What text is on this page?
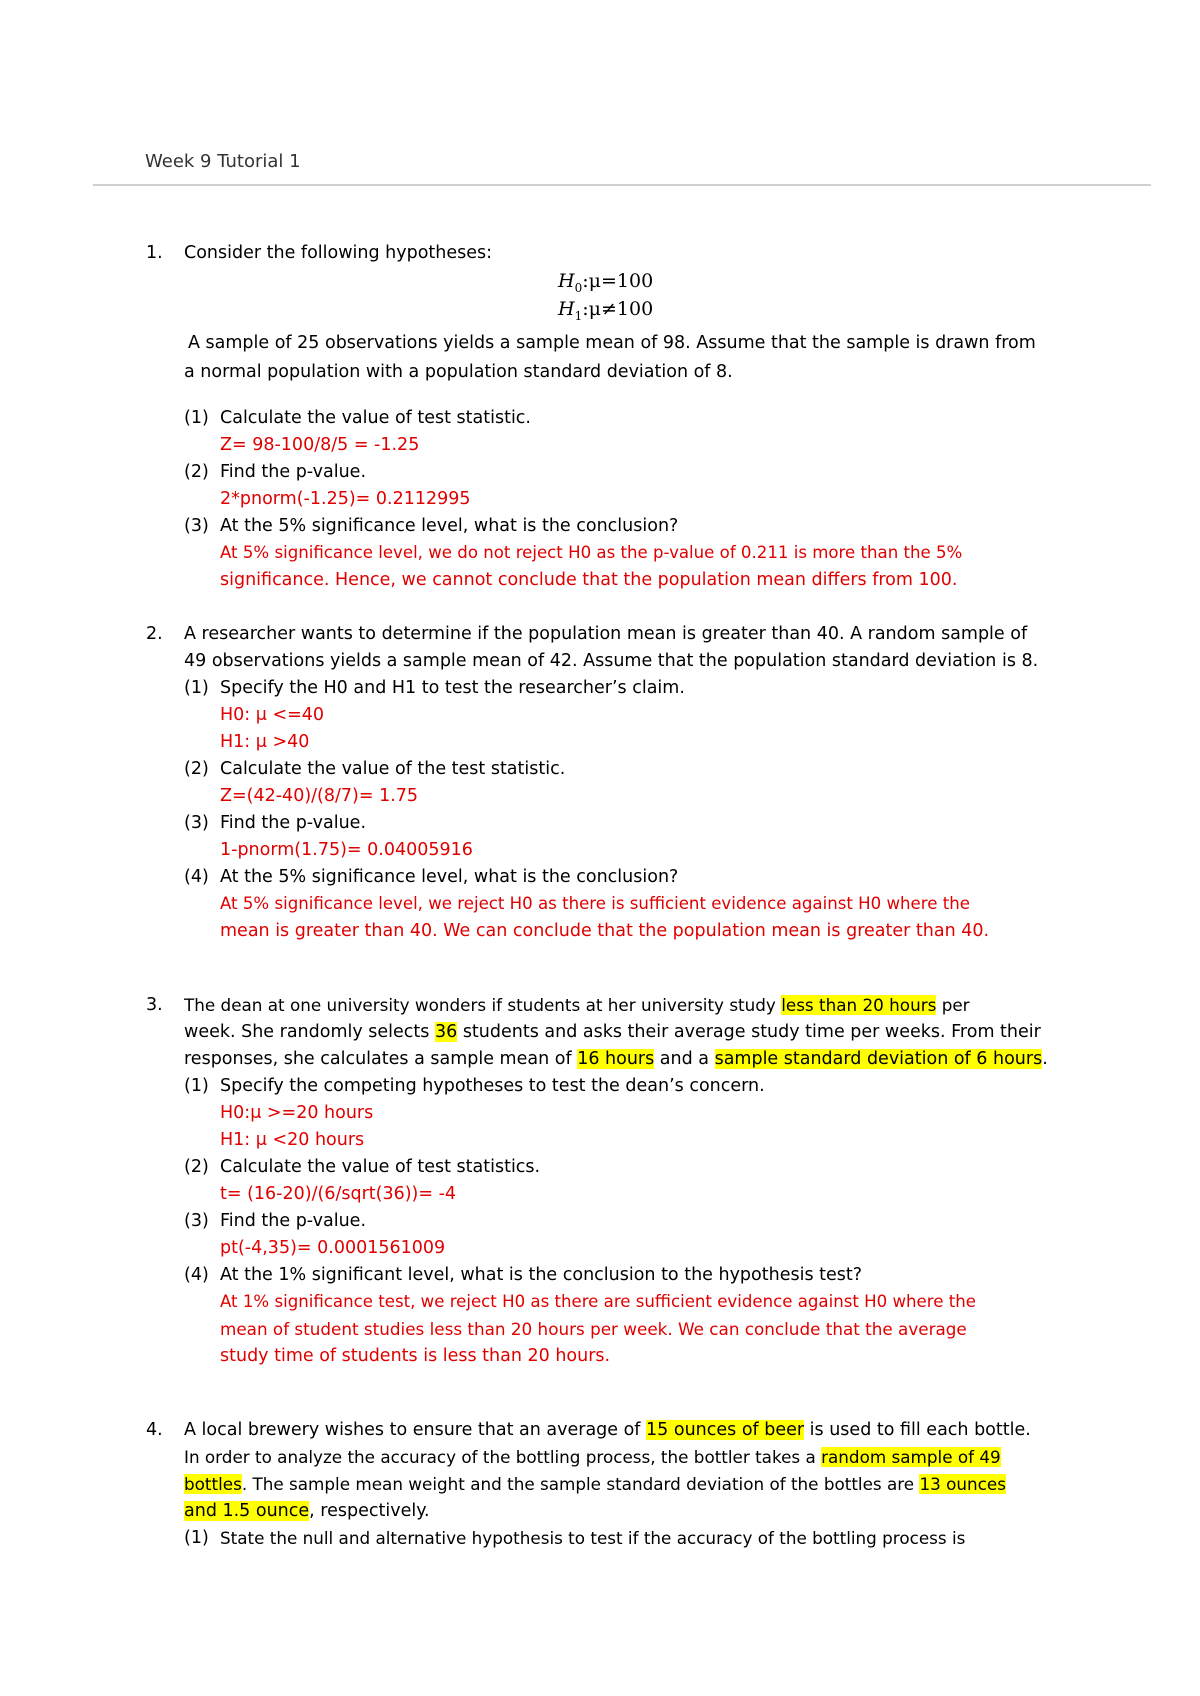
Week 9 Tutorial 1
1. Consider the following hypotheses:
$H_0:\mu=100$
$H_1:\mu\ne 100$
A sample of 25 observations yields a sample mean of 98. Assume that the sample is drawn from
a normal population with a population standard deviation of 8.
(1) Calculate the value of test statistic.
Z= 98-100/8/5 = -1.25
(2) Find the p-value.
2*pnorm(-1.25)= 0.2112995
(3) At the 5% significance level, what is the conclusion?
At 5% significance level, we do not reject H0 as the p-value of 0.211 is more than the 5%
significance. Hence, we cannot conclude that the population mean differs from 100.
2. A researcher wants to determine if the population mean is greater than 40. A random sample of
49 observations yields a sample mean of 42. Assume that the population standard deviation is 8.
(1) Specify the H0 and H1 to test the researcher’s claim.
H0: μ <=40
H1: μ >40
(2) Calculate the value of the test statistic.
Z=(42-40)/(8/7)= 1.75
(3) Find the p-value.
1-pnorm(1.75)= 0.04005916
(4) At the 5% significance level, what is the conclusion?
At 5% significance level, we reject H0 as there is sufficient evidence against H0 where the
mean is greater than 40. We can conclude that the population mean is greater than 40.
3. The dean at one university wonders if students at her university study less than 20 hours per
week. She randomly selects 36 students and asks their average study time per weeks. From their
responses, she calculates a sample mean of 16 hours and a sample standard deviation of 6 hours.
(1) Specify the competing hypotheses to test the dean’s concern.
H0:μ >=20 hours
H1: μ <20 hours
(2) Calculate the value of test statistics.
t= (16-20)/(6/sqrt(36))= -4
(3) Find the p-value.
pt(-4,35)= 0.0001561009
(4) At the 1% significant level, what is the conclusion to the hypothesis test?
At 1% significance test, we reject H0 as there are sufficient evidence against H0 where the
mean of student studies less than 20 hours per week. We can conclude that the average
study time of students is less than 20 hours.
4. A local brewery wishes to ensure that an average of 15 ounces of beer is used to fill each bottle.
In order to analyze the accuracy of the bottling process, the bottler takes a random sample of 49
bottles. The sample mean weight and the sample standard deviation of the bottles are 13 ounces
and 1.5 ounce, respectively.
(1) State the null and alternative hypothesis to test if the accuracy of the bottling process is
